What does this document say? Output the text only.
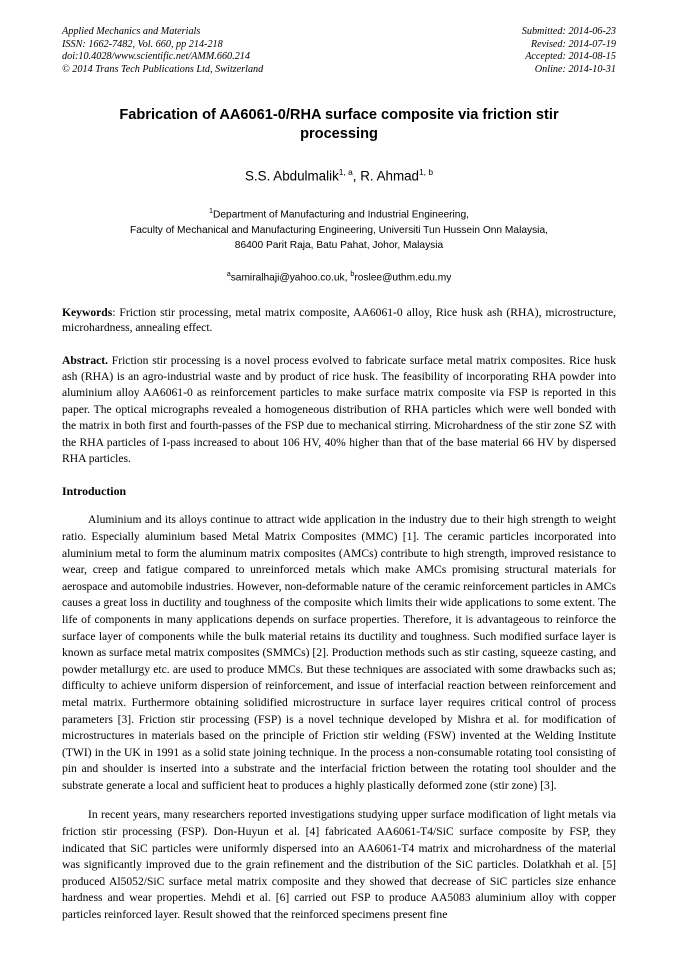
Applied Mechanics and Materials
ISSN: 1662-7482, Vol. 660, pp 214-218
doi:10.4028/www.scientific.net/AMM.660.214
© 2014 Trans Tech Publications Ltd, Switzerland
Submitted: 2014-06-23
Revised: 2014-07-19
Accepted: 2014-08-15
Online: 2014-10-31
Fabrication of AA6061-0/RHA surface composite via friction stir processing
S.S. Abdulmalik$^{1, a}$, R. Ahmad$^{1, b}$
$^1$Department of Manufacturing and Industrial Engineering,
Faculty of Mechanical and Manufacturing Engineering, Universiti Tun Hussein Onn Malaysia,
86400 Parit Raja, Batu Pahat, Johor, Malaysia
$^a$samiralhaji@yahoo.co.uk, $^b$roslee@uthm.edu.my
Keywords: Friction stir processing, metal matrix composite, AA6061-0 alloy, Rice husk ash (RHA), microstructure, microhardness, annealing effect.
Abstract. Friction stir processing is a novel process evolved to fabricate surface metal matrix composites. Rice husk ash (RHA) is an agro-industrial waste and by product of rice husk. The feasibility of incorporating RHA powder into aluminium alloy AA6061-0 as reinforcement particles to make surface matrix composite via FSP is reported in this paper. The optical micrographs revealed a homogeneous distribution of RHA particles which were well bonded with the matrix in both first and fourth-passes of the FSP due to mechanical stirring. Microhardness of the stir zone SZ with the RHA particles of I-pass increased to about 106 HV, 40% higher than that of the base material 66 HV by dispersed RHA particles.
Introduction

Aluminium and its alloys continue to attract wide application in the industry due to their high strength to weight ratio. Especially aluminium based Metal Matrix Composites (MMC) [1]. The ceramic particles incorporated into aluminium metal to form the aluminum matrix composites (AMCs) contribute to high strength, improved resistance to wear, creep and fatigue compared to unreinforced metals which make AMCs promising structural materials for aerospace and automobile industries. However, non-deformable nature of the ceramic reinforcement particles in AMCs causes a great loss in ductility and toughness of the composite which limits their wide applications to some extent. The life of components in many applications depends on surface properties. Therefore, it is advantageous to reinforce the surface layer of components while the bulk material retains its ductility and toughness. Such modified surface layer is known as surface metal matrix composites (SMMCs) [2]. Production methods such as stir casting, squeeze casting, and powder metallurgy etc. are used to produce MMCs. But these techniques are associated with some drawbacks such as; difficulty to achieve uniform dispersion of reinforcement, and issue of interfacial reaction between reinforcement and metal matrix. Furthermore obtaining solidified microstructure in surface layer requires critical control of process parameters [3]. Friction stir processing (FSP) is a novel technique developed by Mishra et al. for modification of microstructures in materials based on the principle of Friction stir welding (FSW) invented at the Welding Institute (TWI) in the UK in 1991 as a solid state joining technique. In the process a non-consumable rotating tool consisting of pin and shoulder is inserted into a substrate and the interfacial friction between the rotating tool shoulder and the substrate generate a local and sufficient heat to produces a highly plastically deformed zone (stir zone) [3].

In recent years, many researchers reported investigations studying upper surface modification of light metals via friction stir processing (FSP). Don-Huyun et al. [4] fabricated AA6061-T4/SiC surface composite by FSP, they indicated that SiC particles were uniformly dispersed into an AA6061-T4 matrix and microhardness of the material was significantly improved due to the grain refinement and the distribution of the SiC particles. Dolatkhah et al. [5] produced Al5052/SiC surface metal matrix composite and they showed that decrease of SiC particles size enhance hardness and wear properties. Mehdi et al. [6] carried out FSP to produce AA5083 aluminium alloy with copper particles reinforced layer. Result showed that the reinforced specimens present fine
